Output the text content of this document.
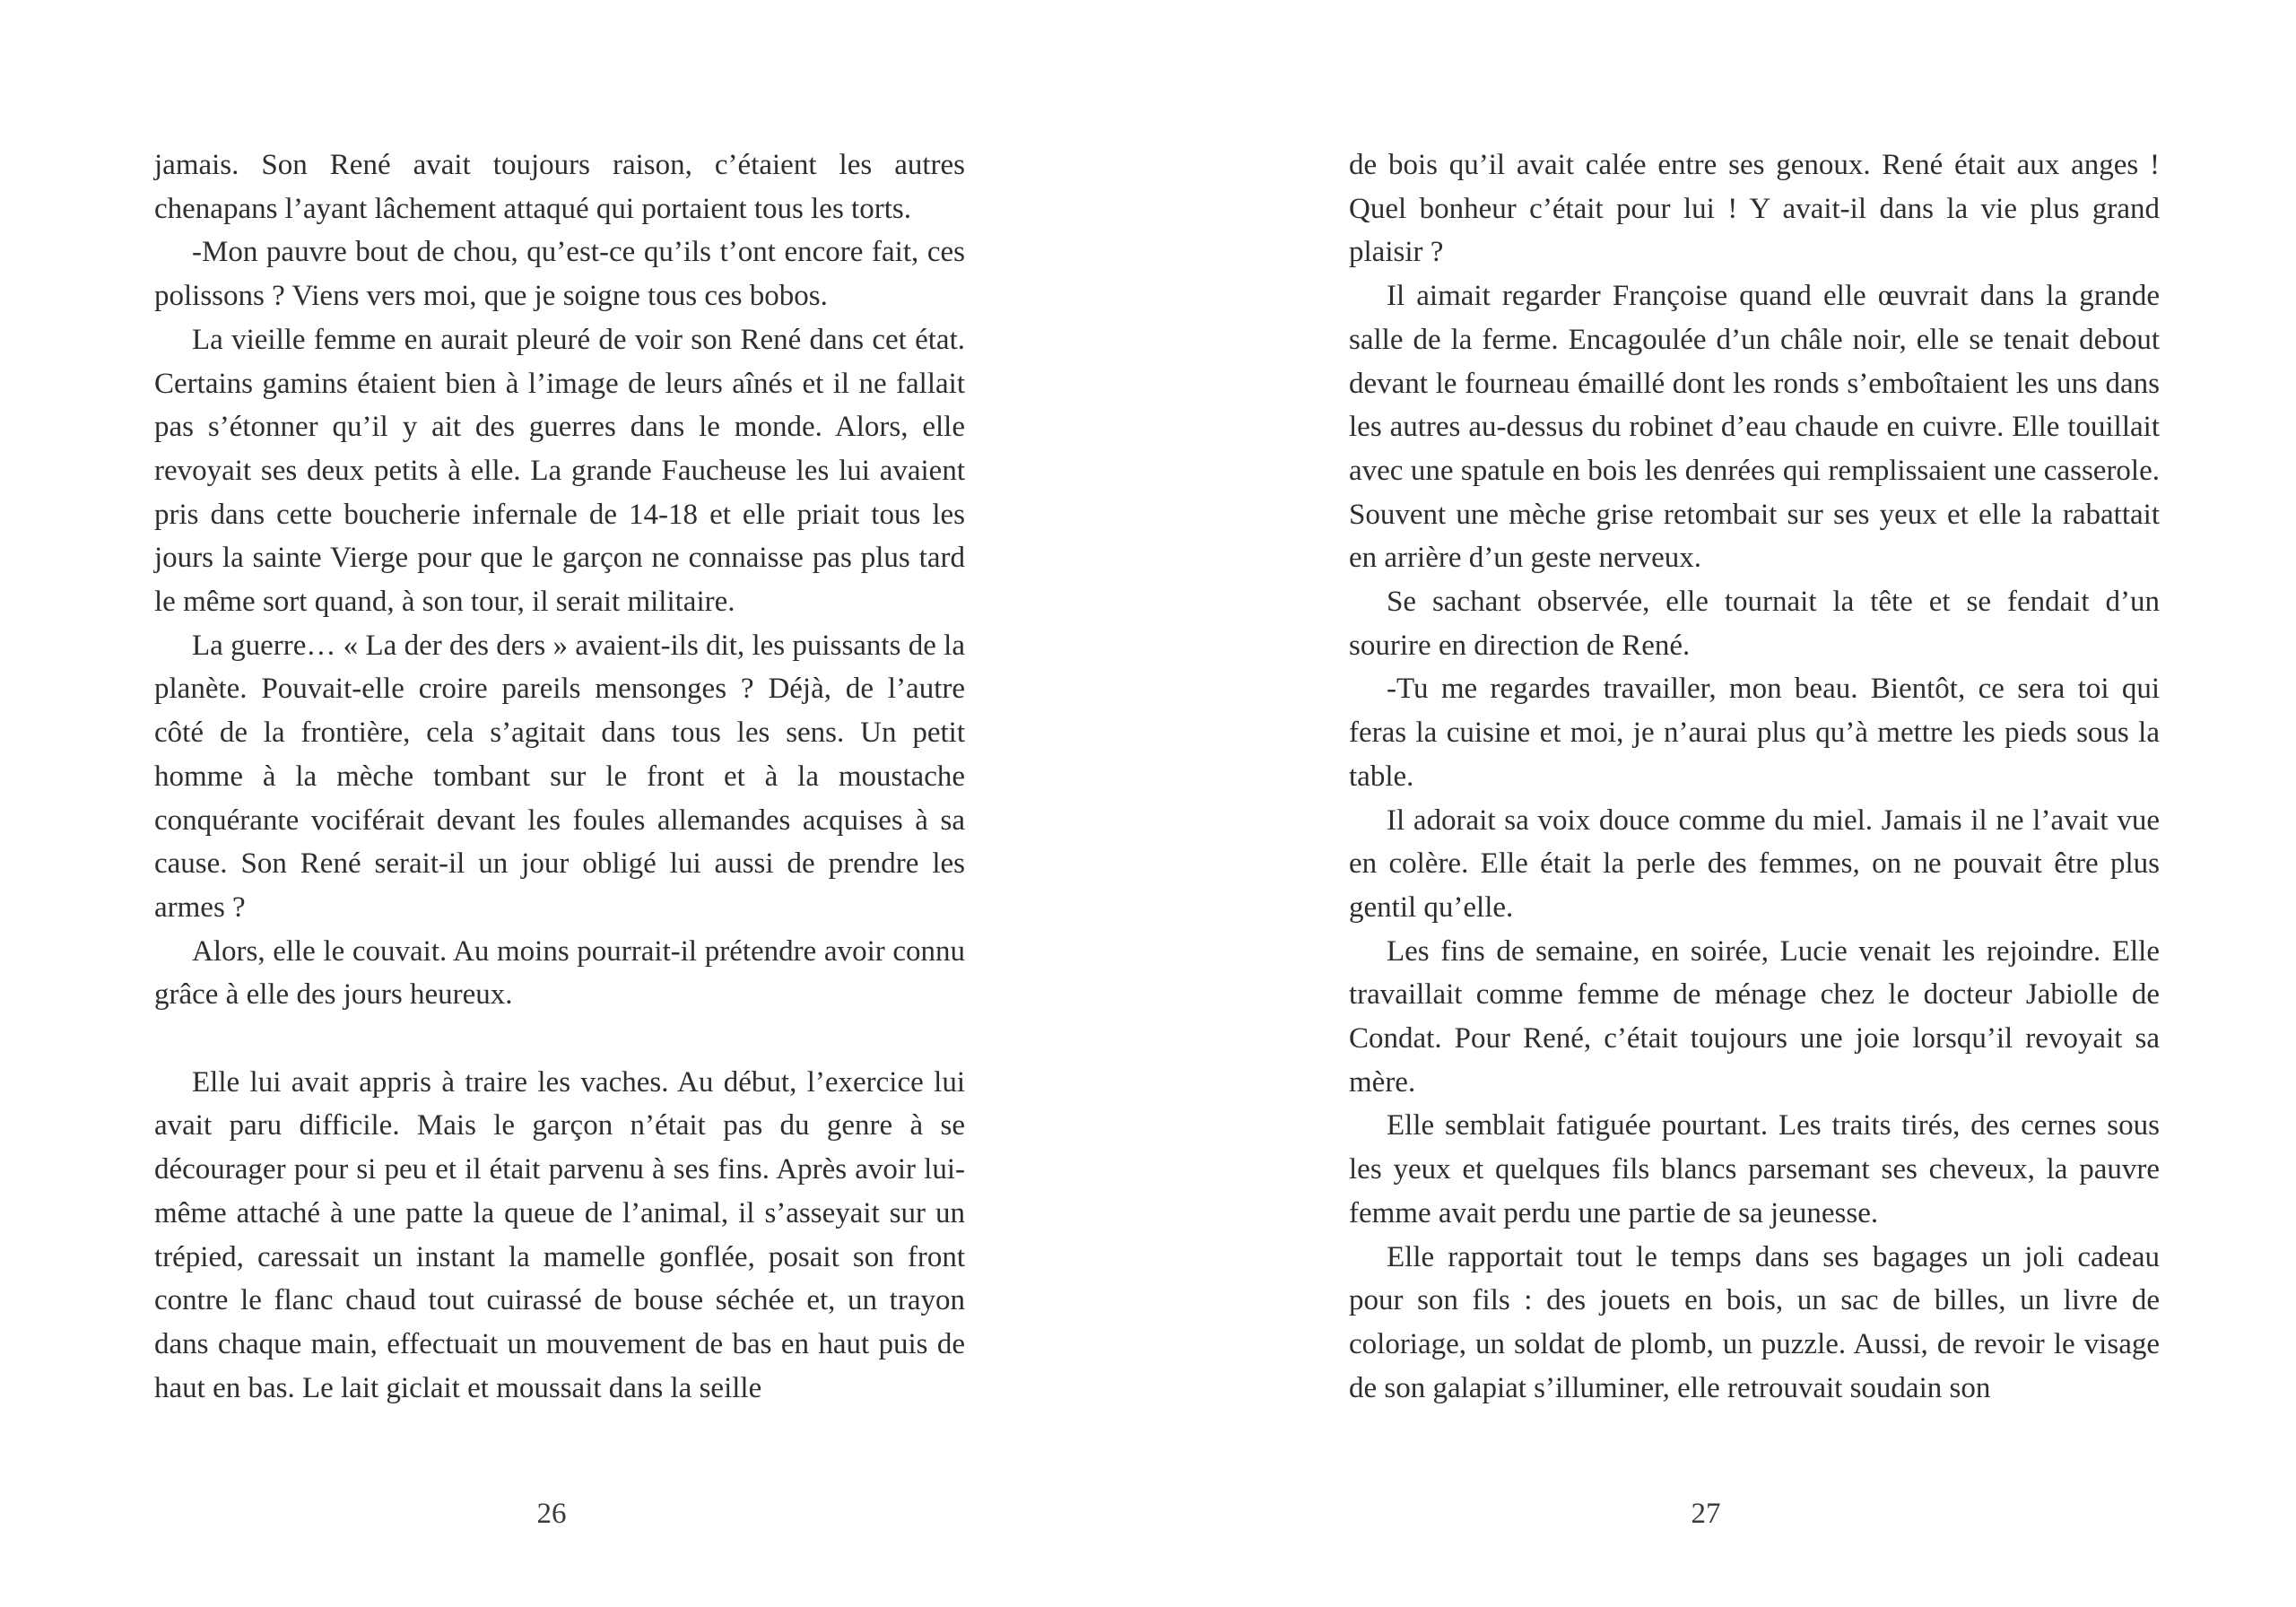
jamais. Son René avait toujours raison, c’étaient les autres chenapans l’ayant lâchement attaqué qui portaient tous les torts.

-Mon pauvre bout de chou, qu’est-ce qu’ils t’ont encore fait, ces polissons ? Viens vers moi, que je soigne tous ces bobos.

La vieille femme en aurait pleuré de voir son René dans cet état. Certains gamins étaient bien à l’image de leurs aînés et il ne fallait pas s’étonner qu’il y ait des guerres dans le monde. Alors, elle revoyait ses deux petits à elle. La grande Faucheuse les lui avaient pris dans cette boucherie infernale de 14-18 et elle priait tous les jours la sainte Vierge pour que le garçon ne connaisse pas plus tard le même sort quand, à son tour, il serait militaire.

La guerre… « La der des ders » avaient-ils dit, les puissants de la planète. Pouvait-elle croire pareils mensonges ? Déjà, de l’autre côté de la frontière, cela s’agitait dans tous les sens. Un petit homme à la mèche tombant sur le front et à la moustache conquérante vociférait devant les foules allemandes acquises à sa cause. Son René serait-il un jour obligé lui aussi de prendre les armes ?

Alors, elle le couvait. Au moins pourrait-il prétendre avoir connu grâce à elle des jours heureux.

Elle lui avait appris à traire les vaches. Au début, l’exercice lui avait paru difficile. Mais le garçon n’était pas du genre à se décourager pour si peu et il était parvenu à ses fins. Après avoir lui-même attaché à une patte la queue de l’animal, il s’asseyait sur un trépied, caressait un instant la mamelle gonflée, posait son front contre le flanc chaud tout cuirassé de bouse séchée et, un trayon dans chaque main, effectuait un mouvement de bas en haut puis de haut en bas. Le lait giclait et moussait dans la seille

de bois qu’il avait calée entre ses genoux. René était aux anges ! Quel bonheur c’était pour lui ! Y avait-il dans la vie plus grand plaisir ?

Il aimait regarder Françoise quand elle œuvrait dans la grande salle de la ferme. Encagoulée d’un châle noir, elle se tenait debout devant le fourneau émaillé dont les ronds s’emboîtaient les uns dans les autres au-dessus du robinet d’eau chaude en cuivre. Elle touillait avec une spatule en bois les denrées qui remplissaient une casserole. Souvent une mèche grise retombait sur ses yeux et elle la rabattait en arrière d’un geste nerveux.

Se sachant observée, elle tournait la tête et se fendait d’un sourire en direction de René.

-Tu me regardes travailler, mon beau. Bientôt, ce sera toi qui feras la cuisine et moi, je n’aurai plus qu’à mettre les pieds sous la table.

Il adorait sa voix douce comme du miel. Jamais il ne l’avait vue en colère. Elle était la perle des femmes, on ne pouvait être plus gentil qu’elle.

Les fins de semaine, en soirée, Lucie venait les rejoindre. Elle travaillait comme femme de ménage chez le docteur Jabiolle de Condat. Pour René, c’était toujours une joie lorsqu’il revoyait sa mère.

Elle semblait fatiguée pourtant. Les traits tirés, des cernes sous les yeux et quelques fils blancs parsemant ses cheveux, la pauvre femme avait perdu une partie de sa jeunesse.

Elle rapportait tout le temps dans ses bagages un joli cadeau pour son fils : des jouets en bois, un sac de billes, un livre de coloriage, un soldat de plomb, un puzzle. Aussi, de revoir le visage de son galapiat s’illuminer, elle retrouvait soudain son

26	27
